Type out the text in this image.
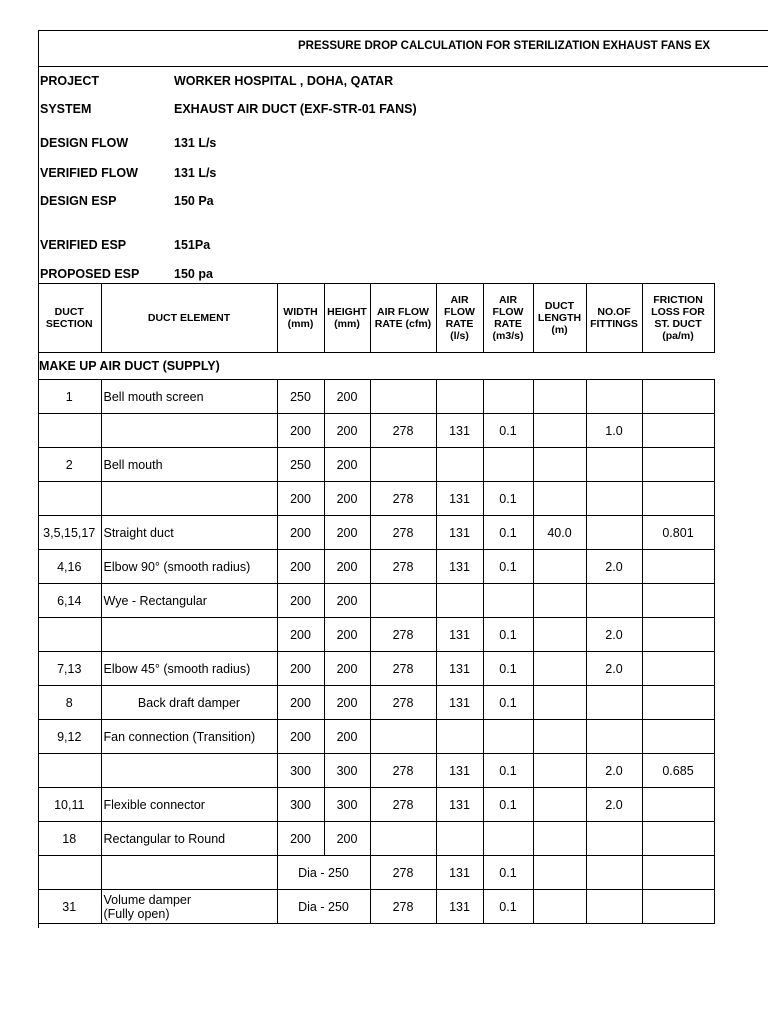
PRESSURE DROP CALCULATION FOR STERILIZATION EXHAUST FANS EX
PROJECT	WORKER HOSPITAL , DOHA, QATAR
SYSTEM	EXHAUST AIR DUCT (EXF-STR-01 FANS)
DESIGN FLOW	131 L/s
VERIFIED FLOW	131 L/s
DESIGN ESP	150 Pa
VERIFIED ESP	151Pa
PROPOSED ESP	150 pa
DUCT SECTION	DUCT ELEMENT	WIDTH (mm)	HEIGHT (mm)	AIR FLOW RATE (cfm)	AIR FLOW RATE (l/s)	AIR FLOW RATE (m3/s)	DUCT LENGTH (m)	NO.OF FITTINGS	FRICTION LOSS FOR ST. DUCT (pa/m)
MAKE UP AIR DUCT (SUPPLY)									
1	Bell mouth screen	250	200						
		200	200	278	131	0.1		1.0	
2	Bell mouth	250	200						
		200	200	278	131	0.1			
3,5,15,17	Straight duct	200	200	278	131	0.1	40.0		0.801
4,16	Elbow 90° (smooth radius)	200	200	278	131	0.1		2.0	
6,14	Wye - Rectangular	200	200						
		200	200	278	131	0.1		2.0	
7,13	Elbow 45° (smooth radius)	200	200	278	131	0.1		2.0	
8	Back draft damper	200	200	278	131	0.1			
9,12	Fan connection (Transition)	200	200						
		300	300	278	131	0.1		2.0	0.685
10,11	Flexible connector	300	300	278	131	0.1		2.0	
18	Rectangular to Round	200	200						
		Dia - 250		278	131	0.1			
31	Volume damper
(Fully open)	Dia - 250		278	131	0.1			
